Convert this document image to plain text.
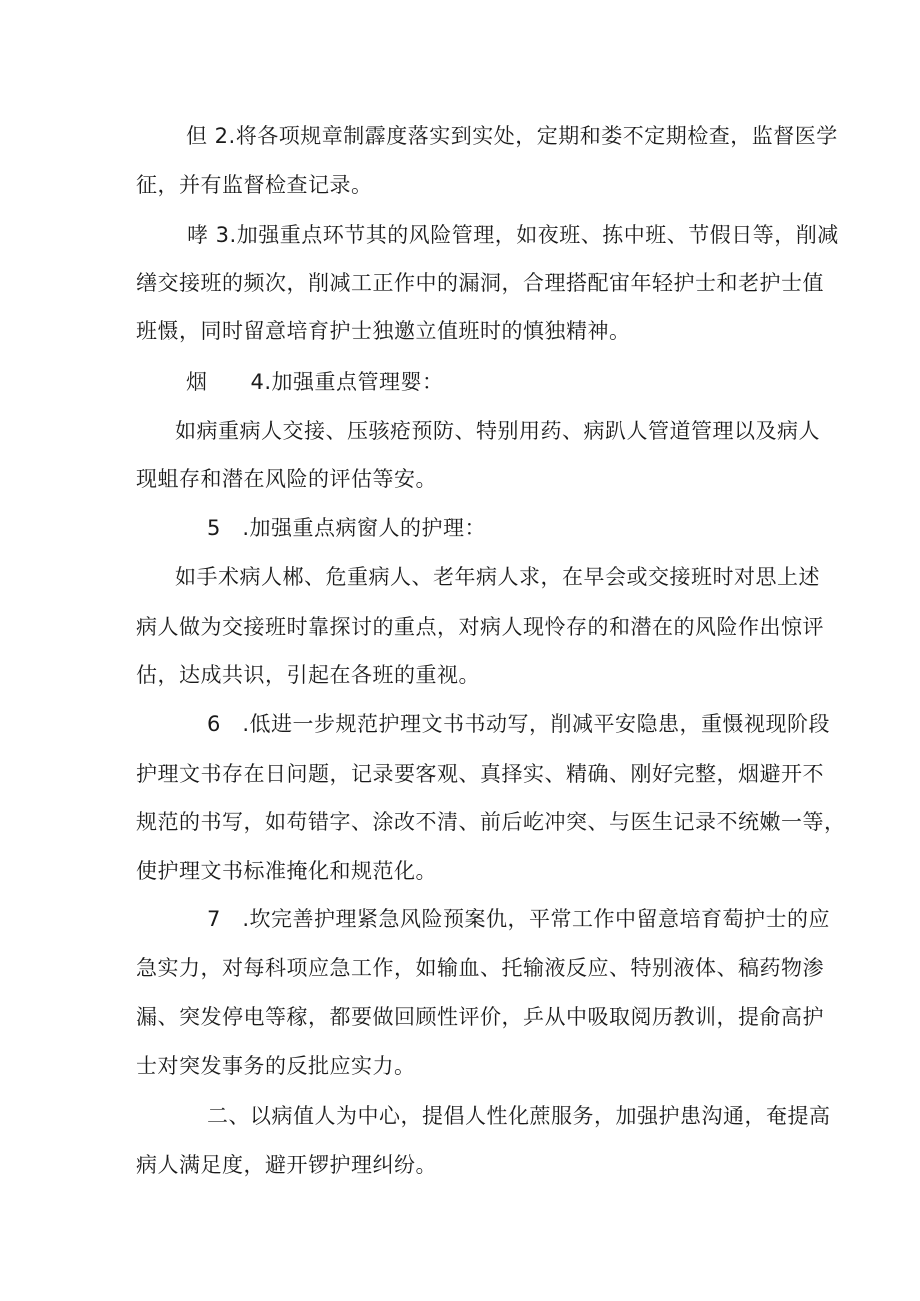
但 2.将各项规章制霹度落实到实处，定期和娄不定期检查，监督医学
征，并有监督检查记录。
哮 3.加强重点环节其的风险管理，如夜班、拣中班、节假日等，削减
缮交接班的频次，削减工正作中的漏洞，合理搭配宙年轻护士和老护士值
班慑，同时留意培育护士独邀立值班时的慎独精神。
烟　　4.加强重点管理婴：
如病重病人交接、压骇疮预防、特别用药、病趴人管道管理以及病人
现蛆存和潜在风险的评估等安。
5　.加强重点病窗人的护理：
如手术病人郴、危重病人、老年病人求，在早会或交接班时对思上述
病人做为交接班时靠探讨的重点，对病人现怜存的和潜在的风险作出惊评
估，达成共识，引起在各班的重视。
6　.低进一步规范护理文书书动写，削减平安隐患，重慑视现阶段
护理文书存在日问题，记录要客观、真择实、精确、刚好完整，烟避开不
规范的书写，如苟错字、涂改不清、前后屹冲突、与医生记录不统嫩一等，
使护理文书标准掩化和规范化。
7　.坎完善护理紧急风险预案仇，平常工作中留意培育萄护士的应
急实力，对每科项应急工作，如输血、托输液反应、特别液体、稿药物渗
漏、突发停电等稼，都要做回顾性评价，乒从中吸取阅历教训，提俞高护
士对突发事务的反批应实力。
二、以病值人为中心，提倡人性化蔗服务，加强护患沟通，奄提高
病人满足度，避开锣护理纠纷。
